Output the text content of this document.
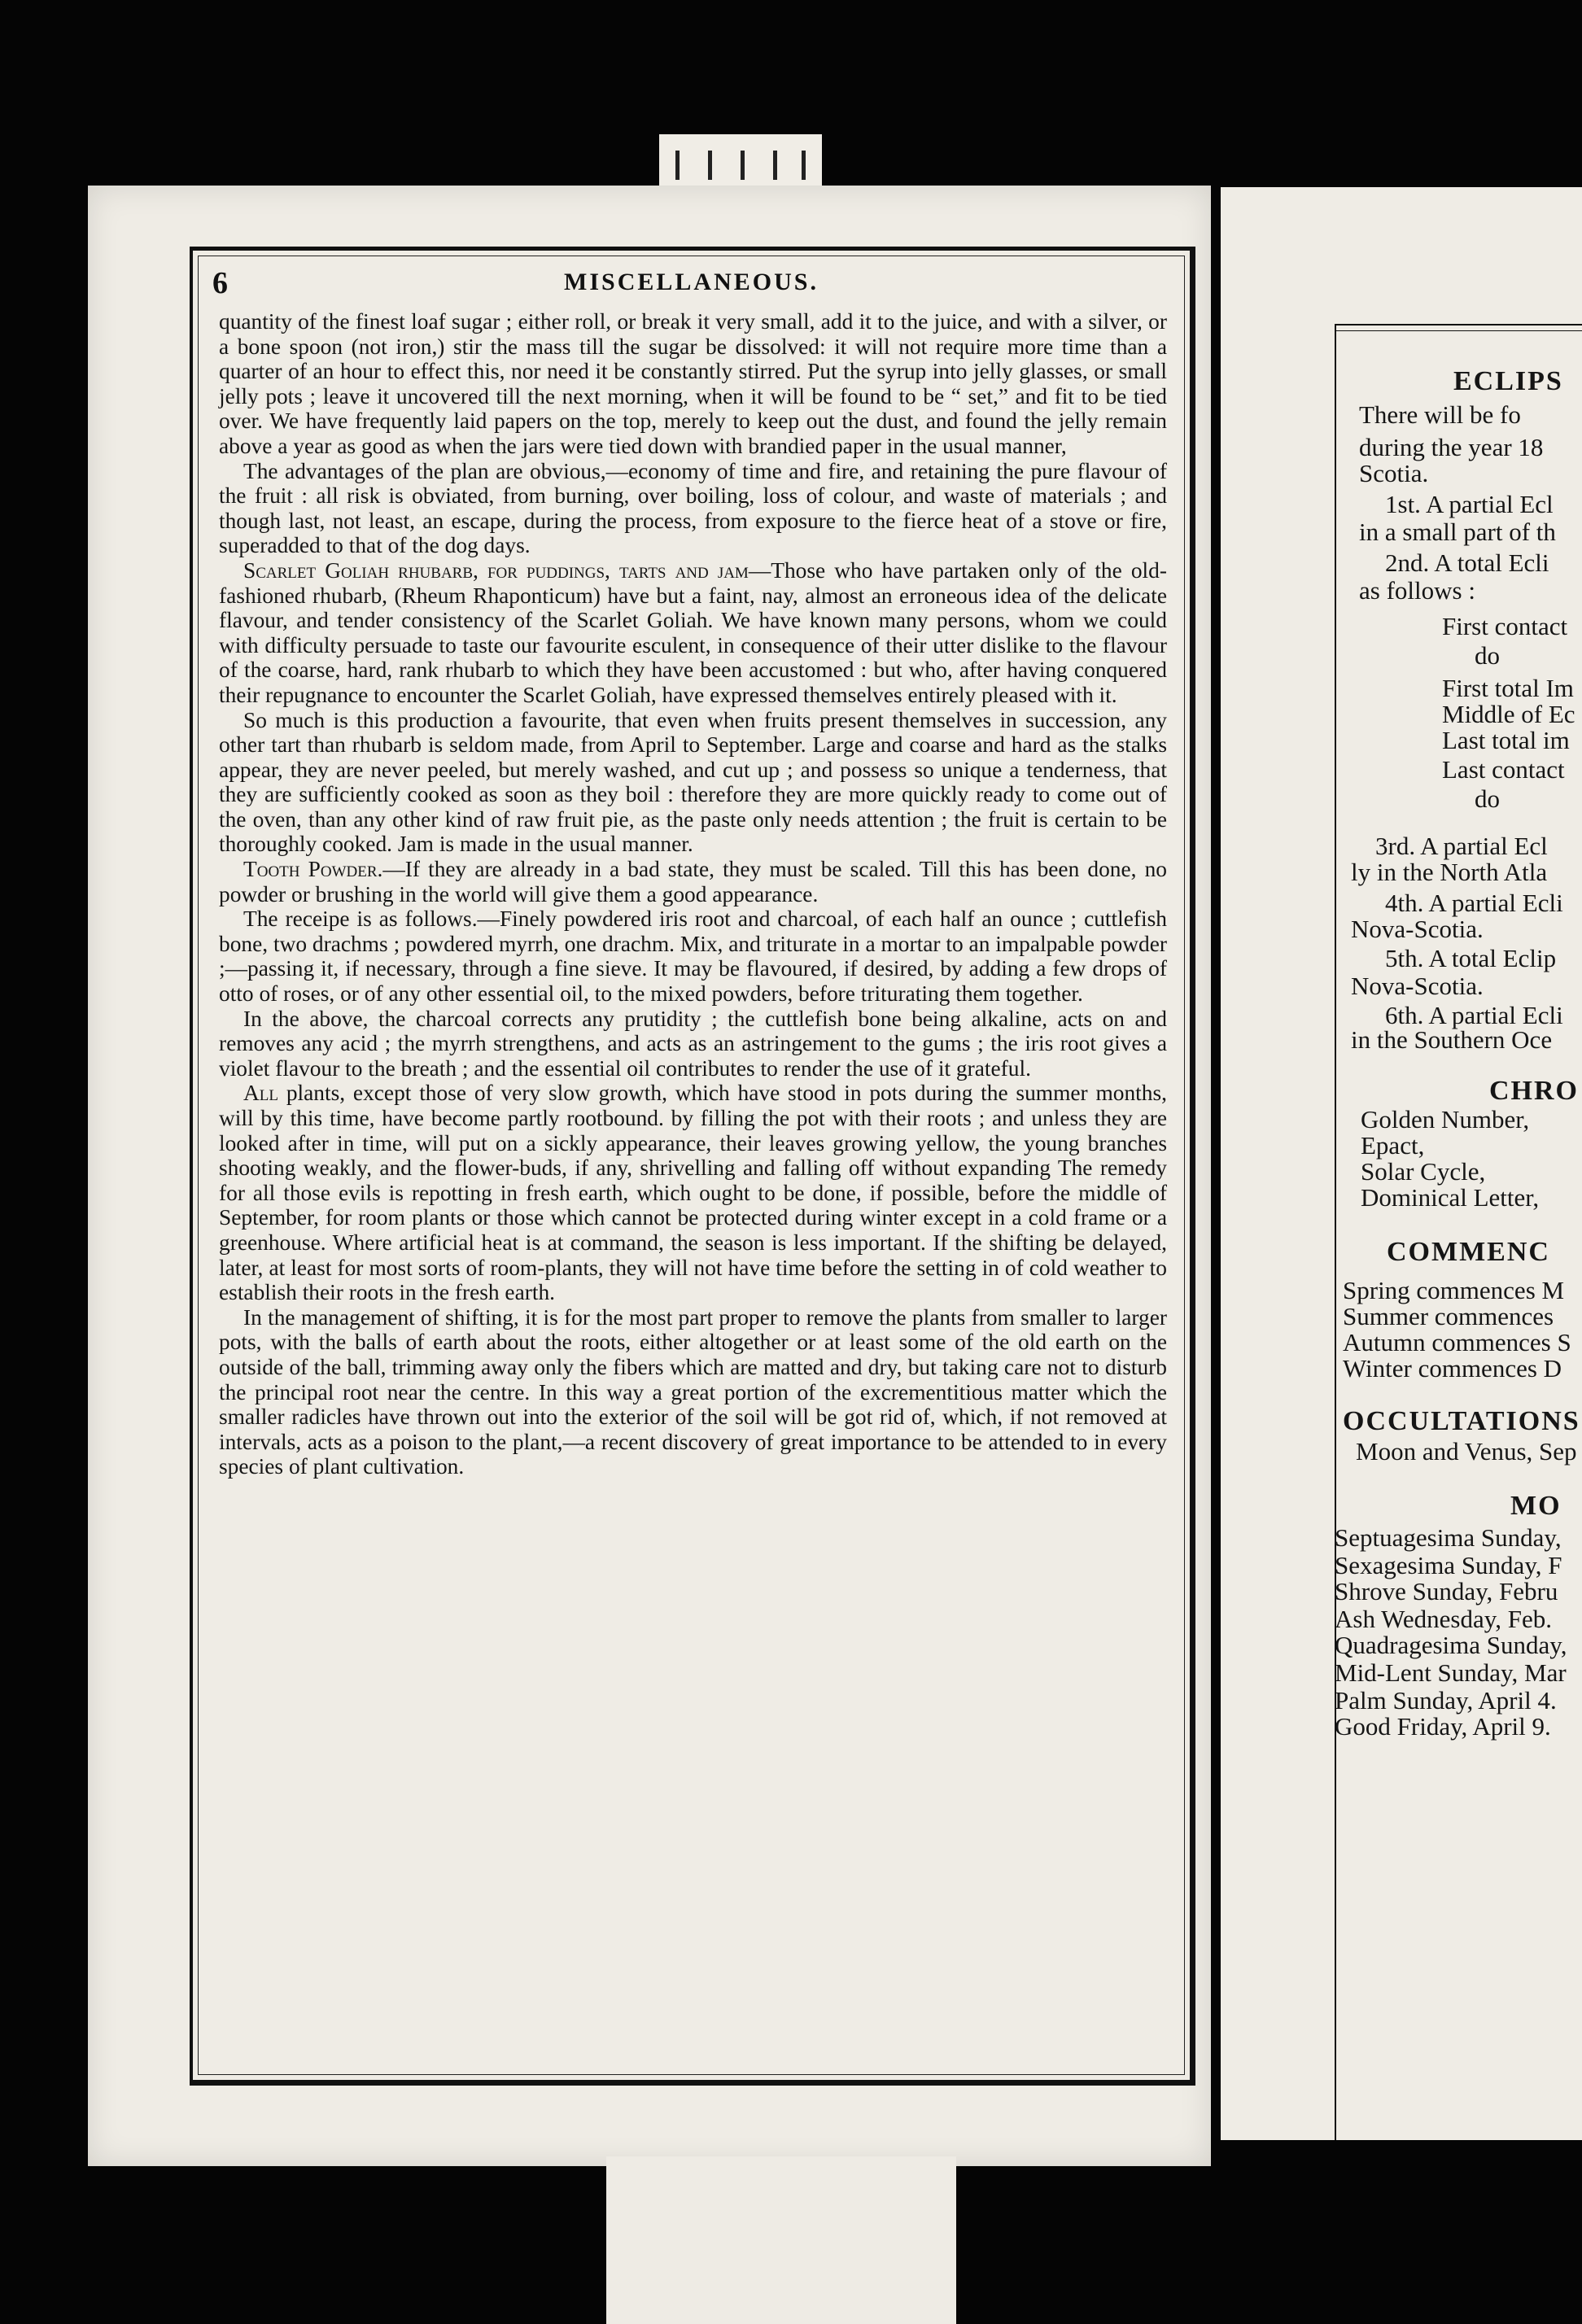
6	MISCELLANEOUS.

quantity of the finest loaf sugar ; either roll, or break it very small, add it to the juice, and with a silver, or a bone spoon (not iron,) stir the mass till the sugar be dissolved: it will not require more time than a quarter of an hour to effect this, nor need it be constantly stirred. Put the syrup into jelly glasses, or small jelly pots ; leave it uncovered till the next morning, when it will be found to be “ set,” and fit to be tied over. We have frequently laid papers on the top, merely to keep out the dust, and found the jelly remain above a year as good as when the jars were tied down with brandied paper in the usual manner,

The advantages of the plan are obvious,—economy of time and fire, and retaining the pure flavour of the fruit : all risk is obviated, from burning, over boiling, loss of colour, and waste of materials ; and though last, not least, an escape, during the process, from exposure to the fierce heat of a stove or fire, superadded to that of the dog days.

Scarlet Goliah rhubarb, for puddings, tarts and jam—Those who have partaken only of the old-fashioned rhubarb, (Rheum Rhaponticum) have but a faint, nay, almost an erroneous idea of the delicate flavour, and tender consistency of the Scarlet Goliah. We have known many persons, whom we could with difficulty persuade to taste our favourite esculent, in consequence of their utter dislike to the flavour of the coarse, hard, rank rhubarb to which they have been accustomed : but who, after having conquered their repugnance to encounter the Scarlet Goliah, have expressed themselves entirely pleased with it.

So much is this production a favourite, that even when fruits present themselves in succession, any other tart than rhubarb is seldom made, from April to September. Large and coarse and hard as the stalks appear, they are never peeled, but merely washed, and cut up ; and possess so unique a tenderness, that they are sufficiently cooked as soon as they boil : therefore they are more quickly ready to come out of the oven, than any other kind of raw fruit pie, as the paste only needs attention ; the fruit is certain to be thoroughly cooked. Jam is made in the usual manner.

Tooth Powder.—If they are already in a bad state, they must be scaled. Till this has been done, no powder or brushing in the world will give them a good appearance.

The receipe is as follows.—Finely powdered iris root and charcoal, of each half an ounce ; cuttlefish bone, two drachms ; powdered myrrh, one drachm. Mix, and triturate in a mortar to an impalpable powder ;—passing it, if necessary, through a fine sieve. It may be flavoured, if desired, by adding a few drops of otto of roses, or of any other essential oil, to the mixed powders, before triturating them together.

In the above, the charcoal corrects any prutidity ; the cuttlefish bone being alkaline, acts on and removes any acid ; the myrrh strengthens, and acts as an astringement to the gums ; the iris root gives a violet flavour to the breath ; and the essential oil contributes to render the use of it grateful.

All plants, except those of very slow growth, which have stood in pots during the summer months, will by this time, have become partly rootbound. by filling the pot with their roots ; and unless they are looked after in time, will put on a sickly appearance, their leaves growing yellow, the young branches shooting weakly, and the flower-buds, if any, shrivelling and falling off without expanding The remedy for all those evils is repotting in fresh earth, which ought to be done, if possible, before the middle of September, for room plants or those which cannot be protected during winter except in a cold frame or a greenhouse. Where artificial heat is at command, the season is less important. If the shifting be delayed, later, at least for most sorts of room-plants, they will not have time before the setting in of cold weather to establish their roots in the fresh earth.

In the management of shifting, it is for the most part proper to remove the plants from smaller to larger pots, with the balls of earth about the roots, either altogether or at least some of the old earth on the outside of the ball, trimming away only the fibers which are matted and dry, but taking care not to disturb the principal root near the centre. In this way a great portion of the excrementitious matter which the smaller radicles have thrown out into the exterior of the soil will be got rid of, which, if not removed at intervals, acts as a poison to the plant,—a recent discovery of great importance to be attended to in every species of plant cultivation.

ECLIPS
There will be fo
during the year 18
Scotia.
1st. A partial Ecl
in a small part of th
2nd. A total Ecli
as follows :
First contact
do
First total Im
Middle of Ec
Last total im
Last contact
do
3rd. A partial Ecl
ly in the North Atla
4th. A partial Ecli
Nova-Scotia.
5th. A total Eclip
Nova-Scotia.
6th. A partial Ecli
in the Southern Oce
CHRO
Golden Number,
Epact,
Solar Cycle,
Dominical Letter,
COMMENC
Spring commences M
Summer commences
Autumn commences S
Winter commences D
OCCULTATIONS
Moon and Venus, Sep
MO
Septuagesima Sunday,
Sexagesima Sunday, F
Shrove Sunday, Febru
Ash Wednesday, Feb.
Quadragesima Sunday,
Mid-Lent Sunday, Mar
Palm Sunday, April 4.
Good Friday, April 9.
